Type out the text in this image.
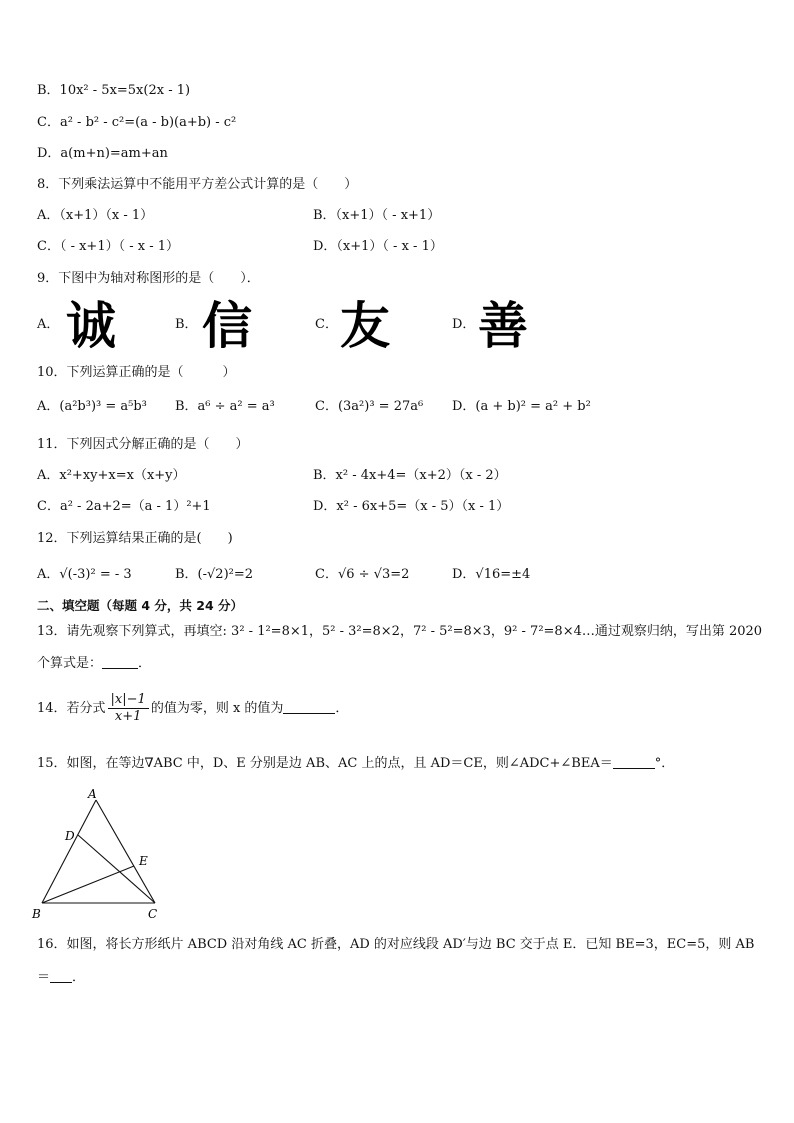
B．10x² - 5x=5x(2x - 1)
C．a² - b² - c²=(a - b)(a+b) - c²
D．a(m+n)=am+an
8．下列乘法运算中不能用平方差公式计算的是（　　）
A．（x+1）（x - 1）	B．（x+1）（ - x+1）
C．（ - x+1）（ - x - 1）	D．（x+1）（ - x - 1）
9．下图中为轴对称图形的是（　　）．
A． 诚	B． 信	C． 友	D． 善
10．下列运算正确的是（　　　）
A．(a²b³)³ = a⁵b³ B．a⁶ ÷ a² = a³	C．(3a²)³ = 27a⁶ D．(a + b)² = a² + b²
11．下列因式分解正确的是（　　）
A．x²+xy+x=x（x+y）	B．x² - 4x+4=（x+2）（x - 2）
C．a² - 2a+2=（a - 1）²+1	D．x² - 6x+5=（x - 5）（x - 1）
12．下列运算结果正确的是(　　)
A．√(-3)² = - 3	B．(-√2)²=2	C．√6 ÷ √3=2	D．√16=±4
二、填空题（每题 4 分，共 24 分）
13．请先观察下列算式，再填空: 3² - 1²=8×1，5² - 3²=8×2，7² - 5²=8×3，9² - 7²=8×4…通过观察归纳，写出第 2020
个算式是：	．
14．若分式 $\frac{|x|-1}{x+1}$ 的值为零，则 x 的值为	．
15．如图，在等边∇ABC 中，D、E 分别是边 AB、AC 上的点，且 AD＝CE，则∠ADC+∠BEA＝	°．
A
B	C
D
E
16．如图，将长方形纸片 ABCD 沿对角线 AC 折叠，AD 的对应线段 AD′与边 BC 交于点 E．已知 BE=3，EC=5，则 AB
＝ ．
